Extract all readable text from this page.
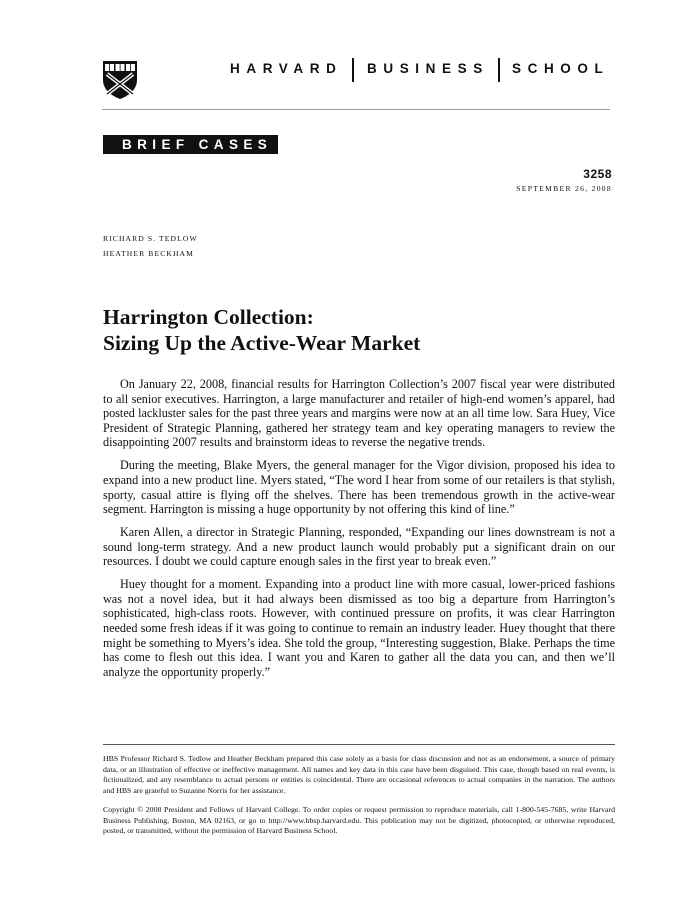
HARVARD BUSINESS SCHOOL
BRIEF CASES
3258
SEPTEMBER 26, 2008
RICHARD S. TEDLOW
HEATHER BECKHAM
Harrington Collection:
Sizing Up the Active-Wear Market

On January 22, 2008, financial results for Harrington Collection’s 2007 fiscal year were distributed to all senior executives. Harrington, a large manufacturer and retailer of high-end women’s apparel, had posted lackluster sales for the past three years and margins were now at an all time low. Sara Huey, Vice President of Strategic Planning, gathered her strategy team and key operating managers to review the disappointing 2007 results and brainstorm ideas to reverse the negative trends.

During the meeting, Blake Myers, the general manager for the Vigor division, proposed his idea to expand into a new product line. Myers stated, “The word I hear from some of our retailers is that stylish, sporty, casual attire is flying off the shelves. There has been tremendous growth in the active-wear segment. Harrington is missing a huge opportunity by not offering this kind of line.”

Karen Allen, a director in Strategic Planning, responded, “Expanding our lines downstream is not a sound long-term strategy. And a new product launch would probably put a significant drain on our resources. I doubt we could capture enough sales in the first year to break even.”

Huey thought for a moment. Expanding into a product line with more casual, lower-priced fashions was not a novel idea, but it had always been dismissed as too big a departure from Harrington’s sophisticated, high-class roots. However, with continued pressure on profits, it was clear Harrington needed some fresh ideas if it was going to continue to remain an industry leader. Huey thought that there might be something to Myers’s idea. She told the group, “Interesting suggestion, Blake. Perhaps the time has come to flesh out this idea. I want you and Karen to gather all the data you can, and then we’ll analyze the opportunity properly.”

HBS Professor Richard S. Tedlow and Heather Beckham prepared this case solely as a basis for class discussion and not as an endorsement, a source of primary data, or an illustration of effective or ineffective management. All names and key data in this case have been disguised. This case, though based on real events, is fictionalized, and any resemblance to actual persons or entities is coincidental. There are occasional references to actual companies in the narration. The authors and HBS are grateful to Suzanne Norris for her assistance.

Copyright © 2008 President and Fellows of Harvard College. To order copies or request permission to reproduce materials, call 1-800-545-7685, write Harvard Business Publishing, Boston, MA 02163, or go to http://www.hbsp.harvard.edu. This publication may not be digitized, photocopied, or otherwise reproduced, posted, or transmitted, without the permission of Harvard Business School.
